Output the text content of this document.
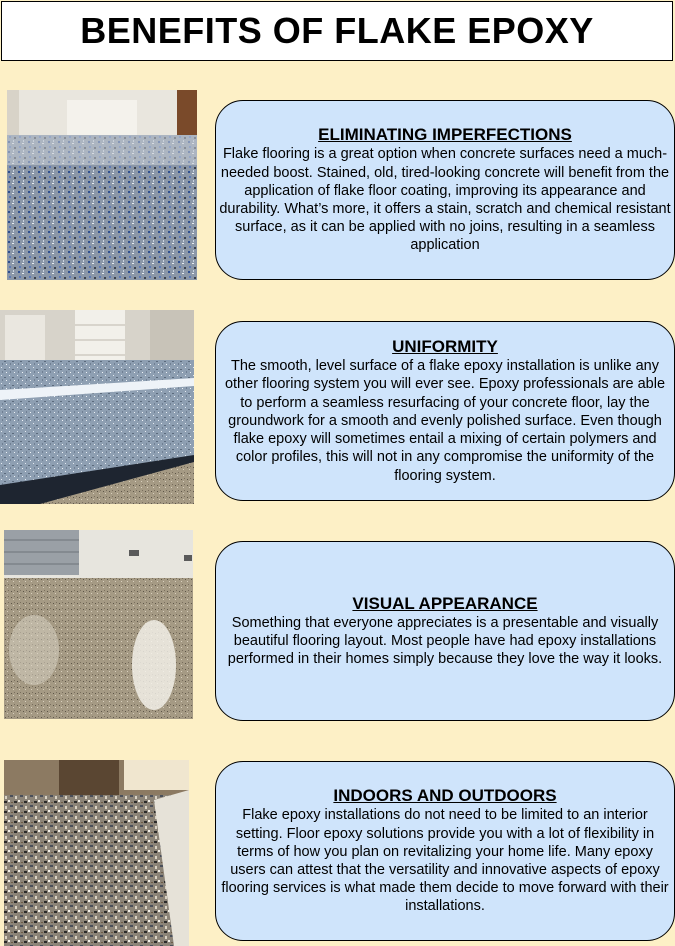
BENEFITS OF FLAKE EPOXY
ELIMINATING IMPERFECTIONS

Flake flooring is a great option when concrete surfaces need a much-needed boost. Stained, old, tired-looking concrete will benefit from the application of flake floor coating, improving its appearance and durability. What’s more, it offers a stain, scratch and chemical resistant surface, as it can be applied with no joins, resulting in a seamless application

UNIFORMITY

The smooth, level surface of a flake epoxy installation is unlike any other flooring system you will ever see. Epoxy professionals are able to perform a seamless resurfacing of your concrete floor, lay the groundwork for a smooth and evenly polished surface. Even though flake epoxy will sometimes entail a mixing of certain polymers and color profiles, this will not in any compromise the uniformity of the flooring system.

VISUAL APPEARANCE

Something that everyone appreciates is a presentable and visually beautiful flooring layout. Most people have had epoxy installations performed in their homes simply because they love the way it looks.

INDOORS AND OUTDOORS

Flake epoxy installations do not need to be limited to an interior setting. Floor epoxy solutions provide you with a lot of flexibility in terms of how you plan on revitalizing your home life. Many epoxy users can attest that the versatility and innovative aspects of epoxy flooring services is what made them decide to move forward with their installations.
